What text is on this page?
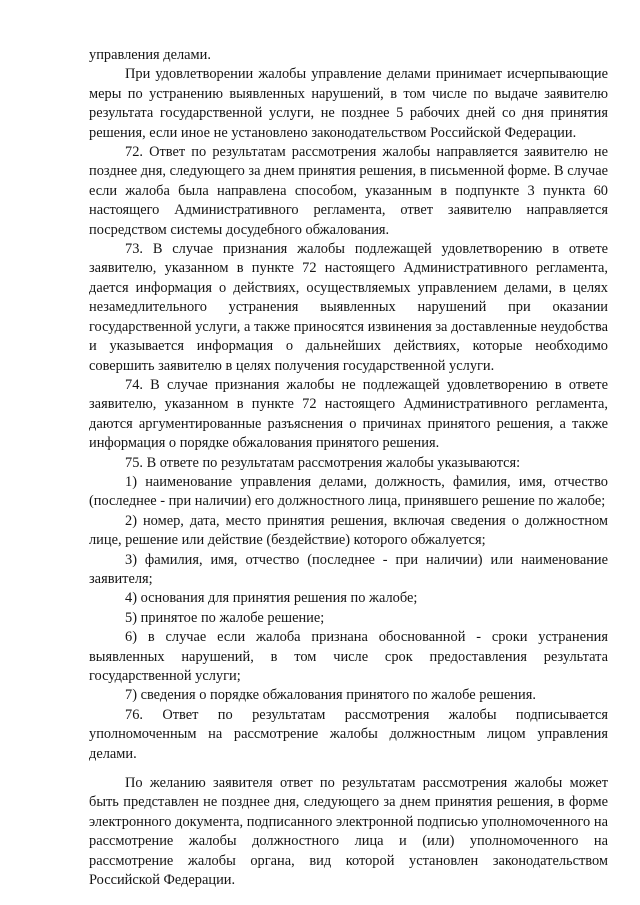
управления делами.

При удовлетворении жалобы управление делами принимает исчерпывающие меры по устранению выявленных нарушений, в том числе по выдаче заявителю результата государственной услуги, не позднее 5 рабочих дней со дня принятия решения, если иное не установлено законодательством Российской Федерации.

72. Ответ по результатам рассмотрения жалобы направляется заявителю не позднее дня, следующего за днем принятия решения, в письменной форме. В случае если жалоба была направлена способом, указанным в подпункте 3 пункта 60 настоящего Административного регламента, ответ заявителю направляется посредством системы досудебного обжалования.

73. В случае признания жалобы подлежащей удовлетворению в ответе заявителю, указанном в пункте 72 настоящего Административного регламента, дается информация о действиях, осуществляемых управлением делами, в целях незамедлительного устранения выявленных нарушений при оказании государственной услуги, а также приносятся извинения за доставленные неудобства и указывается информация о дальнейших действиях, которые необходимо совершить заявителю в целях получения государственной услуги.

74. В случае признания жалобы не подлежащей удовлетворению в ответе заявителю, указанном в пункте 72 настоящего Административного регламента, даются аргументированные разъяснения о причинах принятого решения, а также информация о порядке обжалования принятого решения.

75. В ответе по результатам рассмотрения жалобы указываются:

1) наименование управления делами, должность, фамилия, имя, отчество (последнее - при наличии) его должностного лица, принявшего решение по жалобе;

2) номер, дата, место принятия решения, включая сведения о должностном лице, решение или действие (бездействие) которого обжалуется;

3) фамилия, имя, отчество (последнее - при наличии) или наименование заявителя;

4) основания для принятия решения по жалобе;

5) принятое по жалобе решение;

6) в случае если жалоба признана обоснованной - сроки устранения выявленных нарушений, в том числе срок предоставления результата государственной услуги;

7) сведения о порядке обжалования принятого по жалобе решения.

76. Ответ по результатам рассмотрения жалобы подписывается уполномоченным на рассмотрение жалобы должностным лицом управления делами.

По желанию заявителя ответ по результатам рассмотрения жалобы может быть представлен не позднее дня, следующего за днем принятия решения, в форме электронного документа, подписанного электронной подписью уполномоченного на рассмотрение жалобы должностного лица и (или) уполномоченного на рассмотрение жалобы органа, вид которой установлен законодательством Российской Федерации.
